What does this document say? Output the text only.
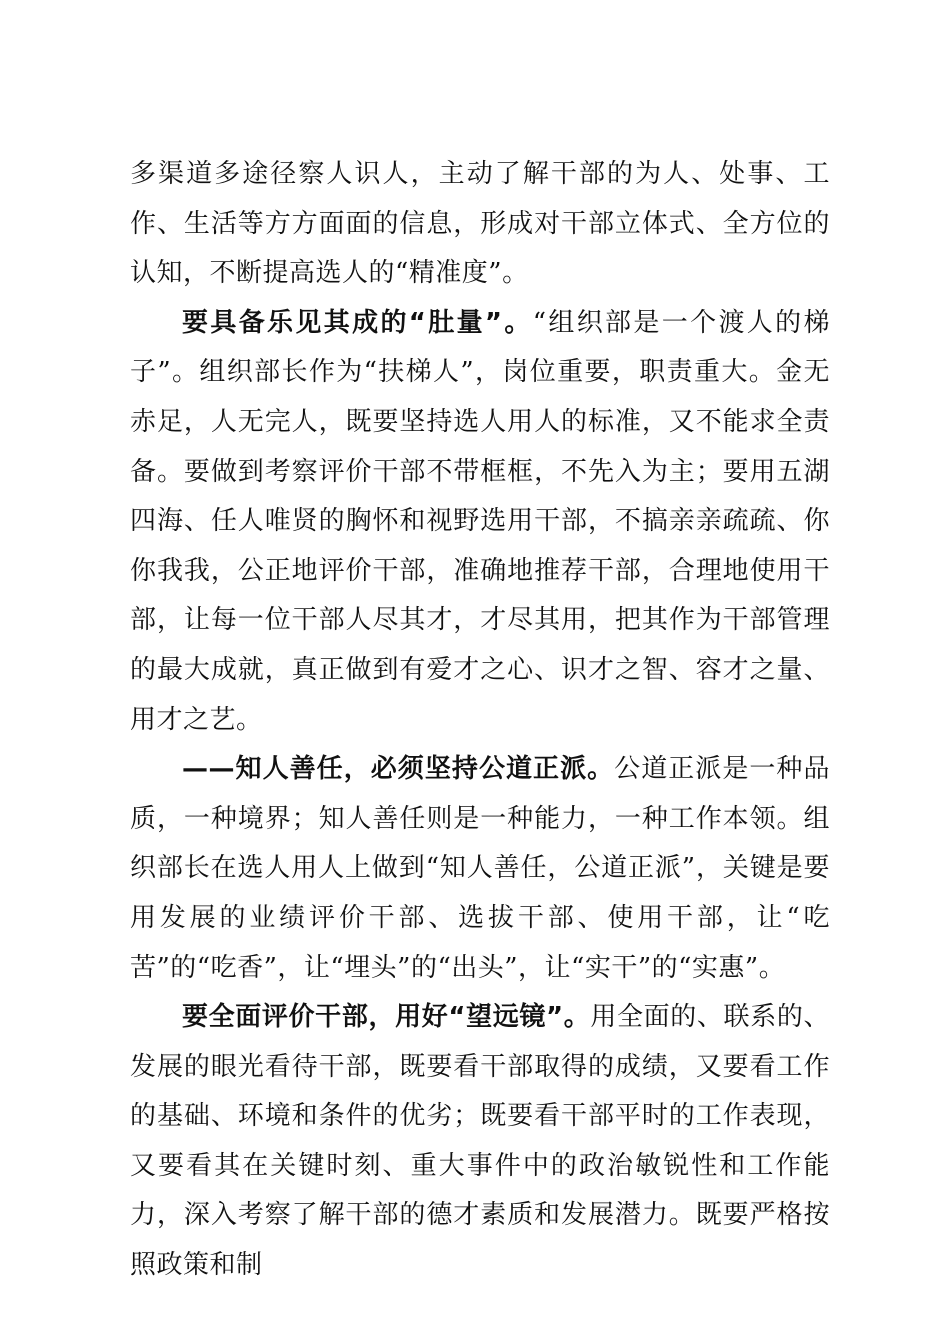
多渠道多途径察人识人，主动了解干部的为人、处事、工作、生活等方方面面的信息，形成对干部立体式、全方位的认知，不断提高选人的“精准度”。

要具备乐见其成的“肚量”。“组织部是一个渡人的梯子”。组织部长作为“扶梯人”，岗位重要，职责重大。金无赤足，人无完人，既要坚持选人用人的标准，又不能求全责备。要做到考察评价干部不带框框，不先入为主；要用五湖四海、任人唯贤的胸怀和视野选用干部，不搞亲亲疏疏、你你我我，公正地评价干部，准确地推荐干部，合理地使用干部，让每一位干部人尽其才，才尽其用，把其作为干部管理的最大成就，真正做到有爱才之心、识才之智、容才之量、用才之艺。

——知人善任，必须坚持公道正派。公道正派是一种品质，一种境界；知人善任则是一种能力，一种工作本领。组织部长在选人用人上做到“知人善任，公道正派”，关键是要用发展的业绩评价干部、选拔干部、使用干部，让“吃苦”的“吃香”，让“埋头”的“出头”，让“实干”的“实惠”。

要全面评价干部，用好“望远镜”。用全面的、联系的、发展的眼光看待干部，既要看干部取得的成绩，又要看工作的基础、环境和条件的优劣；既要看干部平时的工作表现，又要看其在关键时刻、重大事件中的政治敏锐性和工作能力，深入考察了解干部的德才素质和发展潜力。既要严格按照政策和制
